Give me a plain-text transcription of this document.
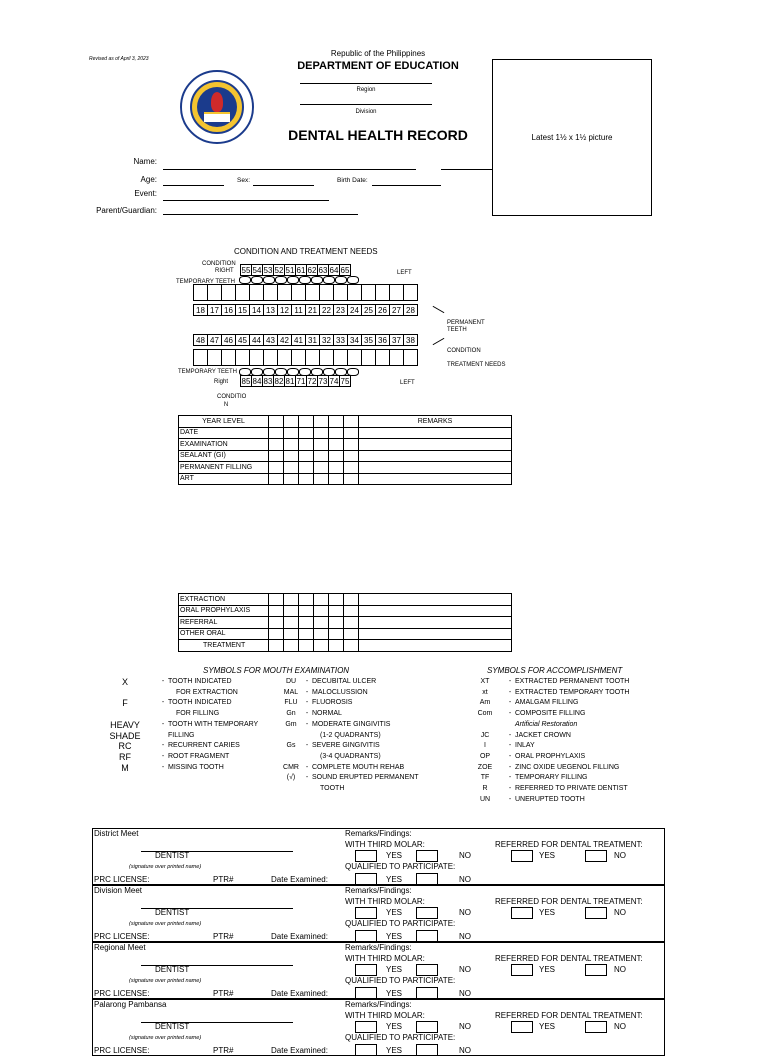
Revised as of April 3, 2023
Republic of the Philippines
DEPARTMENT OF EDUCATION
Region
Division
DENTAL HEALTH RECORD	Latest 1½ x 1½ picture
Name:
Age:	Sex:	Birth Date:
Event:
Parent/Guardian:
CONDITION AND TREATMENT NEEDS
CONDITION
RIGHT	LEFT
TEMPORARY TEETH
55 54 53 52 51 61 62 63 64 65
18 17 16 15 14 13 12 11 21 22 23 24 25 26 27 28
PERMANENT TEETH
48 47 46 45 44 43 42 41 31 32 33 34 35 36 37 38
CONDITION
TREATMENT NEEDS
TEMPORARY TEETH
85 84 83 82 81 71 72 73 74 75
Right	LEFT
CONDITIO N
YEAR LEVEL							REMARKS
DATE							
EXAMINATION							
SEALANT (GI)							
PERMANENT FILLING							
ART							
EXTRACTION							
ORAL PROPHYLAXIS							
REFERRAL							
OTHER ORAL							
TREATMENT							
SYMBOLS FOR MOUTH EXAMINATION
X	- TOOTH INDICATED
FOR EXTRACTION
F	- TOOTH INDICATED
FOR FILLING
HEAVY	- TOOTH WITH TEMPORARY
SHADE	FILLING
RC	- RECURRENT CARIES
RF	- ROOT FRAGMENT
M	- MISSING TOOTH
DU	- DECUBITAL ULCER
MAL	- MALOCLUSSION
FLU	- FLUOROSIS
Gn	- NORMAL
Gm	- MODERATE GINGIVITIS
(1-2 QUADRANTS)
Gs	- SEVERE GINGIVITIS
(3-4 QUADRANTS)
CMR - COMPLETE MOUTH REHAB
(√)	- SOUND ERUPTED PERMANENT
TOOTH
SYMBOLS FOR ACCOMPLISHMENT
XT	- EXTRACTED PERMANENT TOOTH
xt	- EXTRACTED TEMPORARY TOOTH
Am	- AMALGAM FILLING
Com	- COMPOSITE FILLING
Artificial Restoration
JC	- JACKET CROWN
I	- INLAY
OP	- ORAL PROPHYLAXIS
ZOE	- ZINC OXIDE UEGENOL FILLING
TF	- TEMPORARY FILLING
R	- REFERRED TO PRIVATE DENTIST
UN	- UNERUPTED TOOTH
District Meet
DENTIST
(signature over printed name)
PRC LICENSE:	PTR#	Date Examined:
Remarks/Findings:
WITH THIRD MOLAR:
YES	NO
QUALIFIED TO PARTICIPATE:
YES	NO
REFERRED FOR DENTAL TREATMENT:
YES	NO
Division Meet
DENTIST
(signature over printed name)
PRC LICENSE:	PTR#	Date Examined:
Remarks/Findings:
WITH THIRD MOLAR:
YES	NO
QUALIFIED TO PARTICIPATE:
YES	NO
REFERRED FOR DENTAL TREATMENT:
YES	NO
Regional Meet
DENTIST
(signature over printed name)
PRC LICENSE:	PTR#	Date Examined:
Remarks/Findings:
WITH THIRD MOLAR:
YES	NO
QUALIFIED TO PARTICIPATE:
YES	NO
REFERRED FOR DENTAL TREATMENT:
YES	NO
Palarong Pambansa
DENTIST
(signature over printed name)
PRC LICENSE:	PTR#	Date Examined:
Remarks/Findings:
WITH THIRD MOLAR:
YES	NO
QUALIFIED TO PARTICIPATE:
YES	NO
REFERRED FOR DENTAL TREATMENT:
YES	NO
